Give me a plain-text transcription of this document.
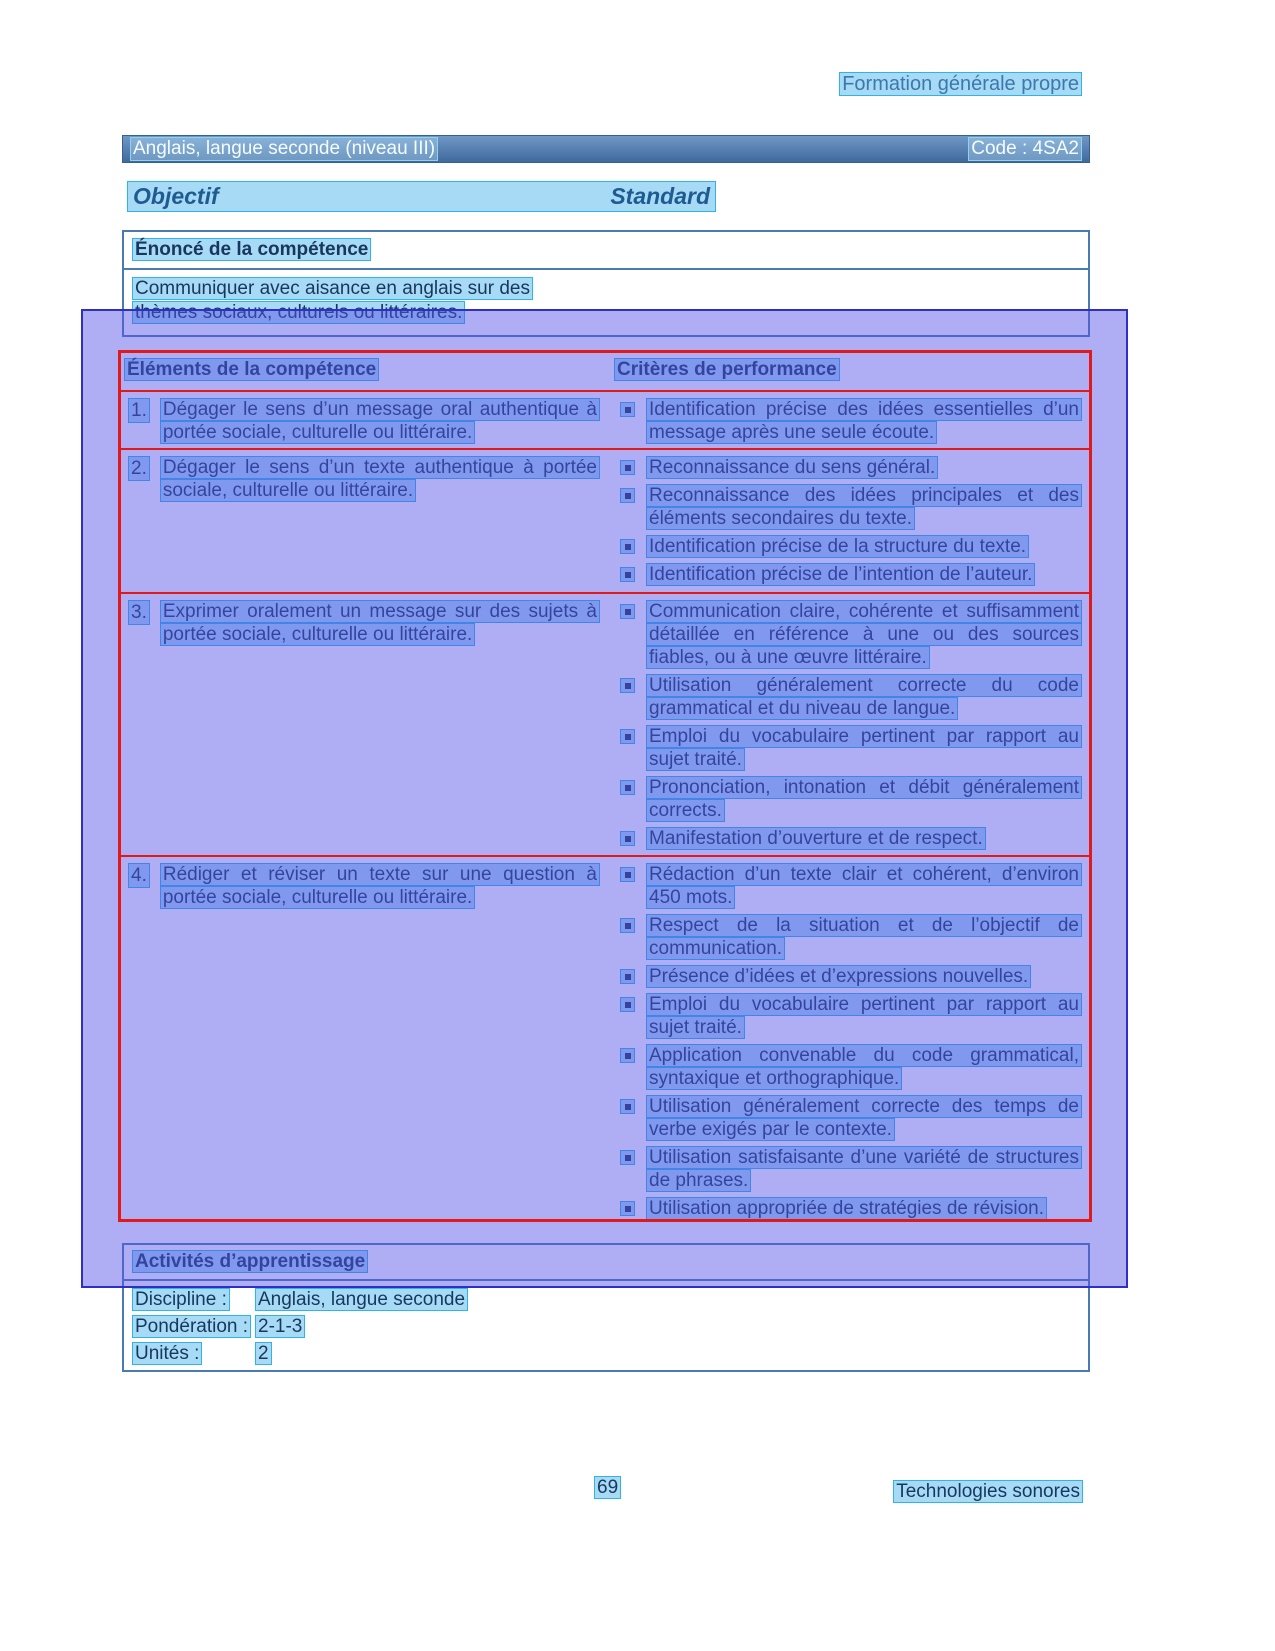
Formation générale propre
Anglais, langue seconde (niveau III)	Code : 4SA2
Objectif	Standard
Énoncé de la compétence
Communiquer avec aisance en anglais sur des
thèmes sociaux, culturels ou littéraires.
Éléments de la compétence	Critères de performance
1. Dégager le sens d’un message oral authentique à portée sociale, culturelle ou littéraire.
Identification précise des idées essentielles d’un message après une seule écoute.
2. Dégager le sens d’un texte authentique à portée sociale, culturelle ou littéraire.
Reconnaissance du sens général.
Reconnaissance des idées principales et des éléments secondaires du texte.
Identification précise de la structure du texte.
Identification précise de l’intention de l’auteur.
3. Exprimer oralement un message sur des sujets à portée sociale, culturelle ou littéraire.
Communication claire, cohérente et suffisamment détaillée en référence à une ou des sources fiables, ou à une œuvre littéraire.
Utilisation généralement correcte du code grammatical et du niveau de langue.
Emploi du vocabulaire pertinent par rapport au sujet traité.
Prononciation, intonation et débit généralement corrects.
Manifestation d’ouverture et de respect.
4. Rédiger et réviser un texte sur une question à portée sociale, culturelle ou littéraire.
Rédaction d’un texte clair et cohérent, d’environ 450 mots.
Respect de la situation et de l’objectif de communication.
Présence d’idées et d’expressions nouvelles.
Emploi du vocabulaire pertinent par rapport au sujet traité.
Application convenable du code grammatical, syntaxique et orthographique.
Utilisation généralement correcte des temps de verbe exigés par le contexte.
Utilisation satisfaisante d’une variété de structures de phrases.
Utilisation appropriée de stratégies de révision.
Activités d’apprentissage
Discipline : Anglais, langue seconde
Pondération : 2-1-3
Unités :	2
Technologies sonores
69
